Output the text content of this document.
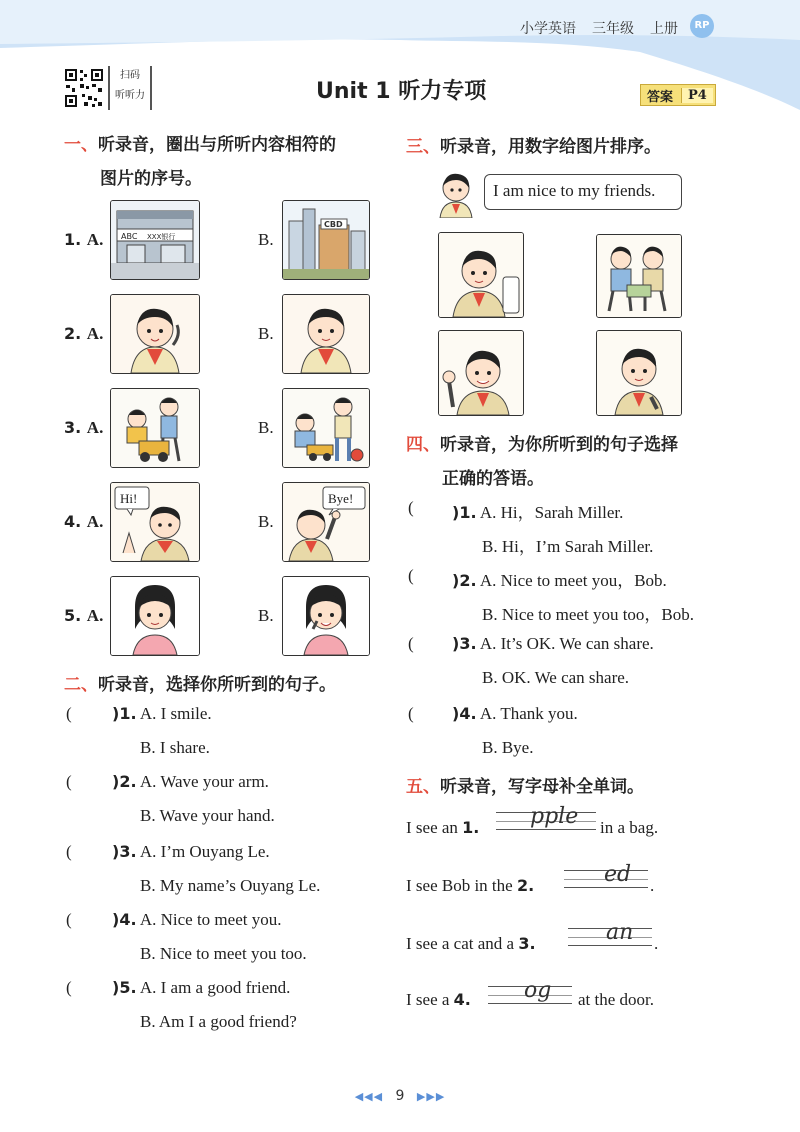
小学英语 三年级 上册	RP
扫码
听听力	Unit 1 听力专项	答案	P4
一、听录音，圈出与所听内容相符的
图片的序号。
1. A. ABC XXX银行	B.
CBD
2. A.	B.
3. A.	B.
4. A.
Hi!
B.
Bye!
5. A.	B.
二、听录音，选择你所听到的句子。
(	)1. A. I smile.
B. I share.
(	)2. A. Wave your arm.
B. Wave your hand.
(	)3. A. I’m Ouyang Le.
B. My name’s Ouyang Le.
(	)4. A. Nice to meet you.
B. Nice to meet you too.
(	)5. A. I am a good friend.
B. Am I a good friend?
三、听录音，用数字给图片排序。
I am nice to my friends.
四、听录音，为你所听到的句子选择
正确的答语。
( )1. A. Hi，Sarah Miller.
B. Hi，I’m Sarah Miller.
( )2. A. Nice to meet you，Bob.
B. Nice to meet you too，Bob.
( )3. A. It’s OK. We can share.
B. OK. We can share.
( )4. A. Thank you.
B. Bye.
五、听录音，写字母补全单词。
I see an 1. pple in a bag.
I see Bob in the 2.	ed .
I see a cat and a 3.	an .
I see a 4. og at the door.
◀◀◀ 9 ▶▶▶
